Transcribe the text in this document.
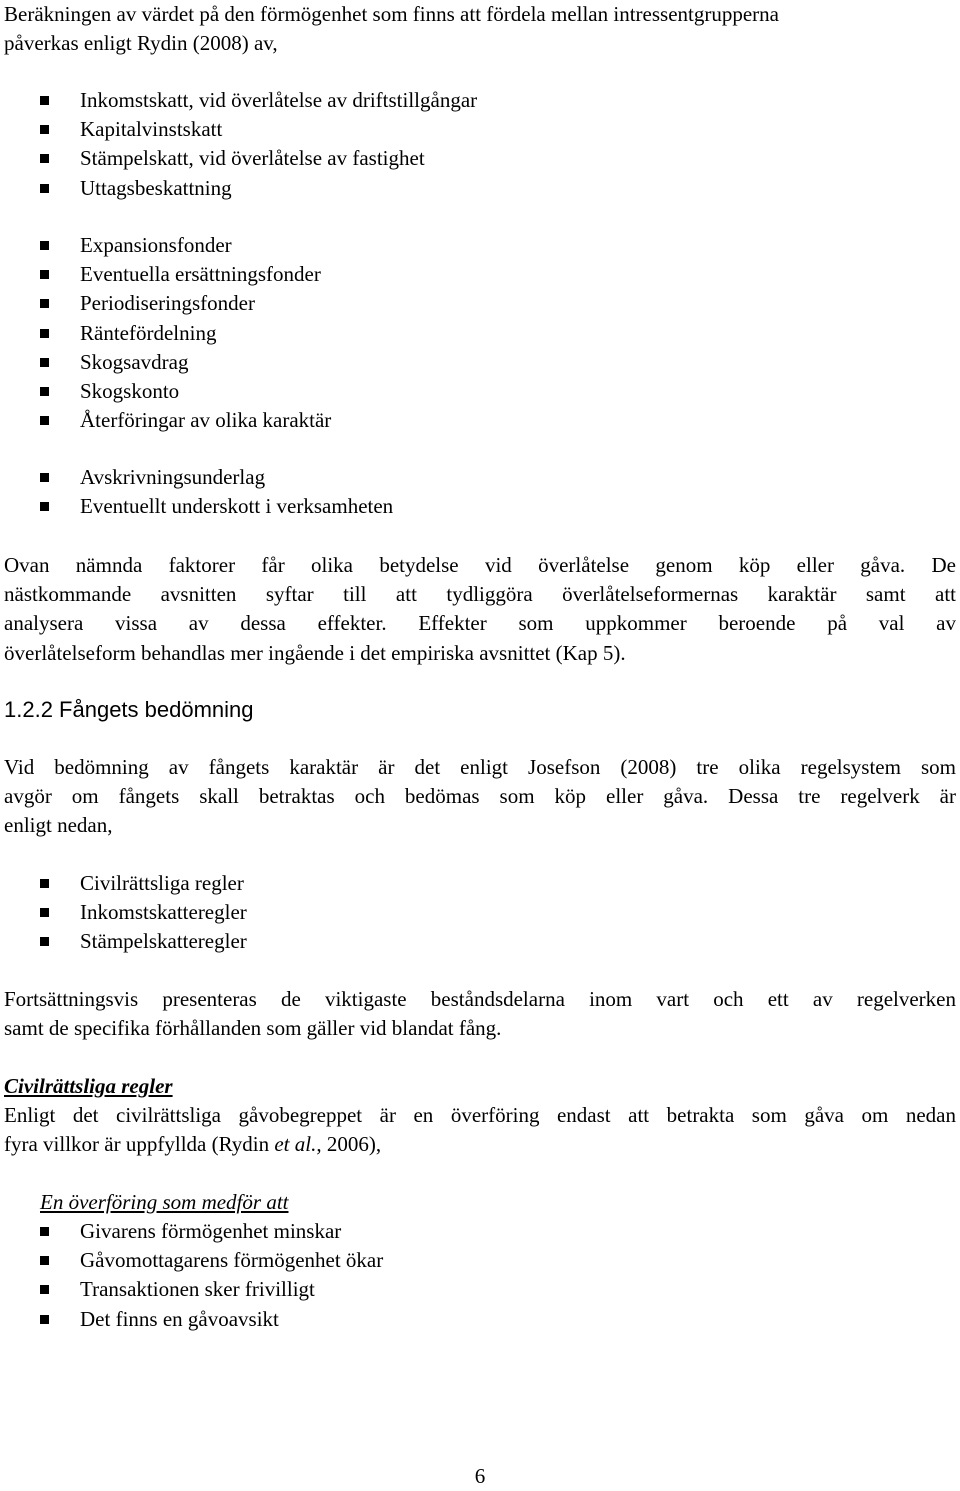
Beräkningen av värdet på den förmögenhet som finns att fördela mellan intressentgrupperna
påverkas enligt Rydin (2008) av,

Inkomstskatt, vid överlåtelse av driftstillgångar
Kapitalvinstskatt
Stämpelskatt, vid överlåtelse av fastighet
Uttagsbeskattning
Expansionsfonder
Eventuella ersättningsfonder
Periodiseringsfonder
Räntefördelning
Skogsavdrag
Skogskonto
Återföringar av olika karaktär
Avskrivningsunderlag
Eventuellt underskott i verksamheten
Ovan nämnda faktorer får olika betydelse vid överlåtelse genom köp eller gåva. De
nästkommande avsnitten syftar till att tydliggöra överlåtelseformernas karaktär samt att
analysera vissa av dessa effekter. Effekter som uppkommer beroende på val av
överlåtelseform behandlas mer ingående i det empiriska avsnittet (Kap 5).
1.2.2 Fångets bedömning
Vid bedömning av fångets karaktär är det enligt Josefson (2008) tre olika regelsystem som
avgör om fångets skall betraktas och bedömas som köp eller gåva. Dessa tre regelverk är
enligt nedan,
Civilrättsliga regler
Inkomstskatteregler
Stämpelskatteregler
Fortsättningsvis presenteras de viktigaste beståndsdelarna inom vart och ett av regelverken
samt de specifika förhållanden som gäller vid blandat fång.
Civilrättsliga regler
Enligt det civilrättsliga gåvobegreppet är en överföring endast att betrakta som gåva om nedan
fyra villkor är uppfyllda (Rydin et al., 2006),
En överföring som medför att
Givarens förmögenhet minskar
Gåvomottagarens förmögenhet ökar
Transaktionen sker frivilligt
Det finns en gåvoavsikt
6
